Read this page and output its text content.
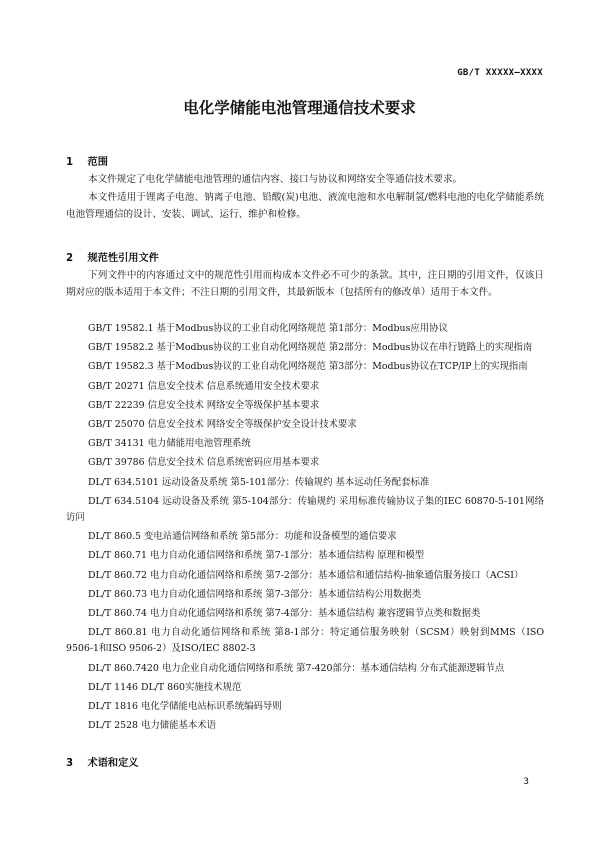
GB/T XXXXX—XXXX
电化学储能电池管理通信技术要求
1 范围

本文件规定了电化学储能电池管理的通信内容、接口与协议和网络安全等通信技术要求。

本文件适用于锂离子电池、钠离子电池、铅酸(炭)电池、液流电池和水电解制氢/燃料电池的电化学储能系统电池管理通信的设计、安装、调试、运行、维护和检修。

2 规范性引用文件

下列文件中的内容通过文中的规范性引用而构成本文件必不可少的条款。其中，注日期的引用文件，仅该日期对应的版本适用于本文件；不注日期的引用文件，其最新版本（包括所有的修改单）适用于本文件。

GB/T 19582.1 基于Modbus协议的工业自动化网络规范 第1部分：Modbus应用协议
GB/T 19582.2 基于Modbus协议的工业自动化网络规范 第2部分：Modbus协议在串行链路上的实现指南
GB/T 19582.3 基于Modbus协议的工业自动化网络规范 第3部分：Modbus协议在TCP/IP上的实现指南
GB/T 20271 信息安全技术 信息系统通用安全技术要求
GB/T 22239 信息安全技术 网络安全等级保护基本要求
GB/T 25070 信息安全技术 网络安全等级保护安全设计技术要求
GB/T 34131 电力储能用电池管理系统
GB/T 39786 信息安全技术 信息系统密码应用基本要求
DL/T 634.5101 远动设备及系统 第5-101部分：传输规约 基本远动任务配套标准
DL/T 634.5104 远动设备及系统 第5-104部分：传输规约 采用标准传输协议子集的IEC 60870-5-101网络访问
DL/T 860.5 变电站通信网络和系统 第5部分：功能和设备模型的通信要求
DL/T 860.71 电力自动化通信网络和系统 第7-1部分：基本通信结构 原理和模型
DL/T 860.72 电力自动化通信网络和系统 第7-2部分：基本通信和通信结构-抽象通信服务接口（ACSI）
DL/T 860.73 电力自动化通信网络和系统 第7-3部分：基本通信结构公用数据类
DL/T 860.74 电力自动化通信网络和系统 第7-4部分：基本通信结构 兼容逻辑节点类和数据类
DL/T 860.81 电力自动化通信网络和系统 第8-1部分：特定通信服务映射（SCSM）映射到MMS（ISO 9506-1和ISO 9506-2）及ISO/IEC 8802-3
DL/T 860.7420 电力企业自动化通信网络和系统 第7-420部分：基本通信结构 分布式能源逻辑节点
DL/T 1146 DL/T 860实施技术规范
DL/T 1816 电化学储能电站标识系统编码导则
DL/T 2528 电力储能基本术语
3 术语和定义
3
